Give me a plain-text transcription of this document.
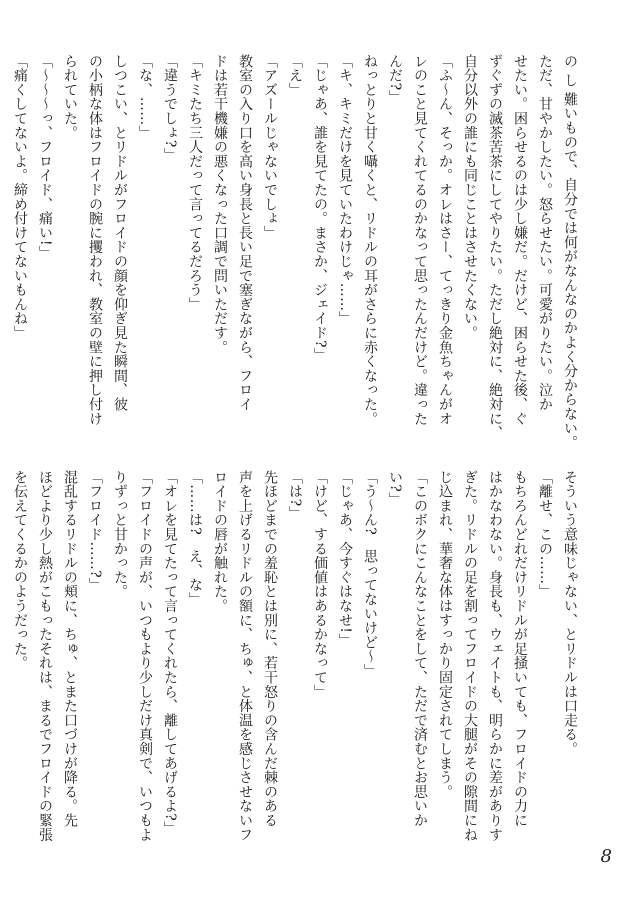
の し 難いもので、自分では何がなんなのかよく分からない。

ただ、甘やかしたい。怒らせたい。可愛がりたい。泣か

せたい。困らせるのは少し嫌だ。だけど、困らせた後、ぐ

ずぐずの滅茶苦茶にしてやりたい。ただし絶対に、絶対に、

自分以外の誰にも同じことはさせたくない。

「ふ〜ん、そっか。オレはさー、てっきり金魚ちゃんがオ

レのこと見てくれてるのかなって思ったんだけど。違った

んだ?」

ねっとりと甘く囁くと、リドルの耳がさらに赤くなった。

「キ、キミだけを見ていたわけじゃ……」

「じゃあ、誰を見てたの。まさか、ジェイド?」

「え」

「アズールじゃないでしょ」

教室の入り口を高い身長と長い足で塞ぎながら、フロイ

ドは若干機嫌の悪くなった口調で問いただす。

「キミたち三人だって言ってるだろう」

「違うでしょ?」

「な、……」

しつこい、とリドルがフロイドの顔を仰ぎ見た瞬間、彼

の小柄な体はフロイドの腕に攫われ、教室の壁に押し付け

られていた。

「〜〜〜っ、フロイド、痛い!」

「痛くしてないよ。締め付けてないもんね」

そういう意味じゃない、とリドルは口走る。

「離せ、この……」

もちろんどれだけリドルが足掻いても、フロイドの力に

はかなわない。身長も、ウェイトも、明らかに差がありす

ぎた。リドルの足を割ってフロイドの大腿がその隙間にね

じ込まれ、華奢な体はすっかり固定されてしまう。

「このボクにこんなことをして、ただで済むとお思いか

い?」

「う〜ん?　思ってないけど〜」

「じゃあ、今すぐはなせ!」

「けど、する価値はあるかなって」

「は?」

先ほどまでの羞恥とは別に、若干怒りの含んだ棘のある

声を上げるリドルの額に、ちゅ、と体温を感じさせないフ

ロイドの唇が触れた。

「……は?　え、な」

「オレを見てたって言ってくれたら、離してあげるよ?」

「フロイドの声が、いつもより少しだけ真剣で、いつもよ

りずっと甘かった。

「フロイド……?」

混乱するリドルの頬に、ちゅ、とまた口づけが降る。先

ほどより少し熱がこもったそれは、まるでフロイドの緊張

を伝えてくるかのようだった。

8
